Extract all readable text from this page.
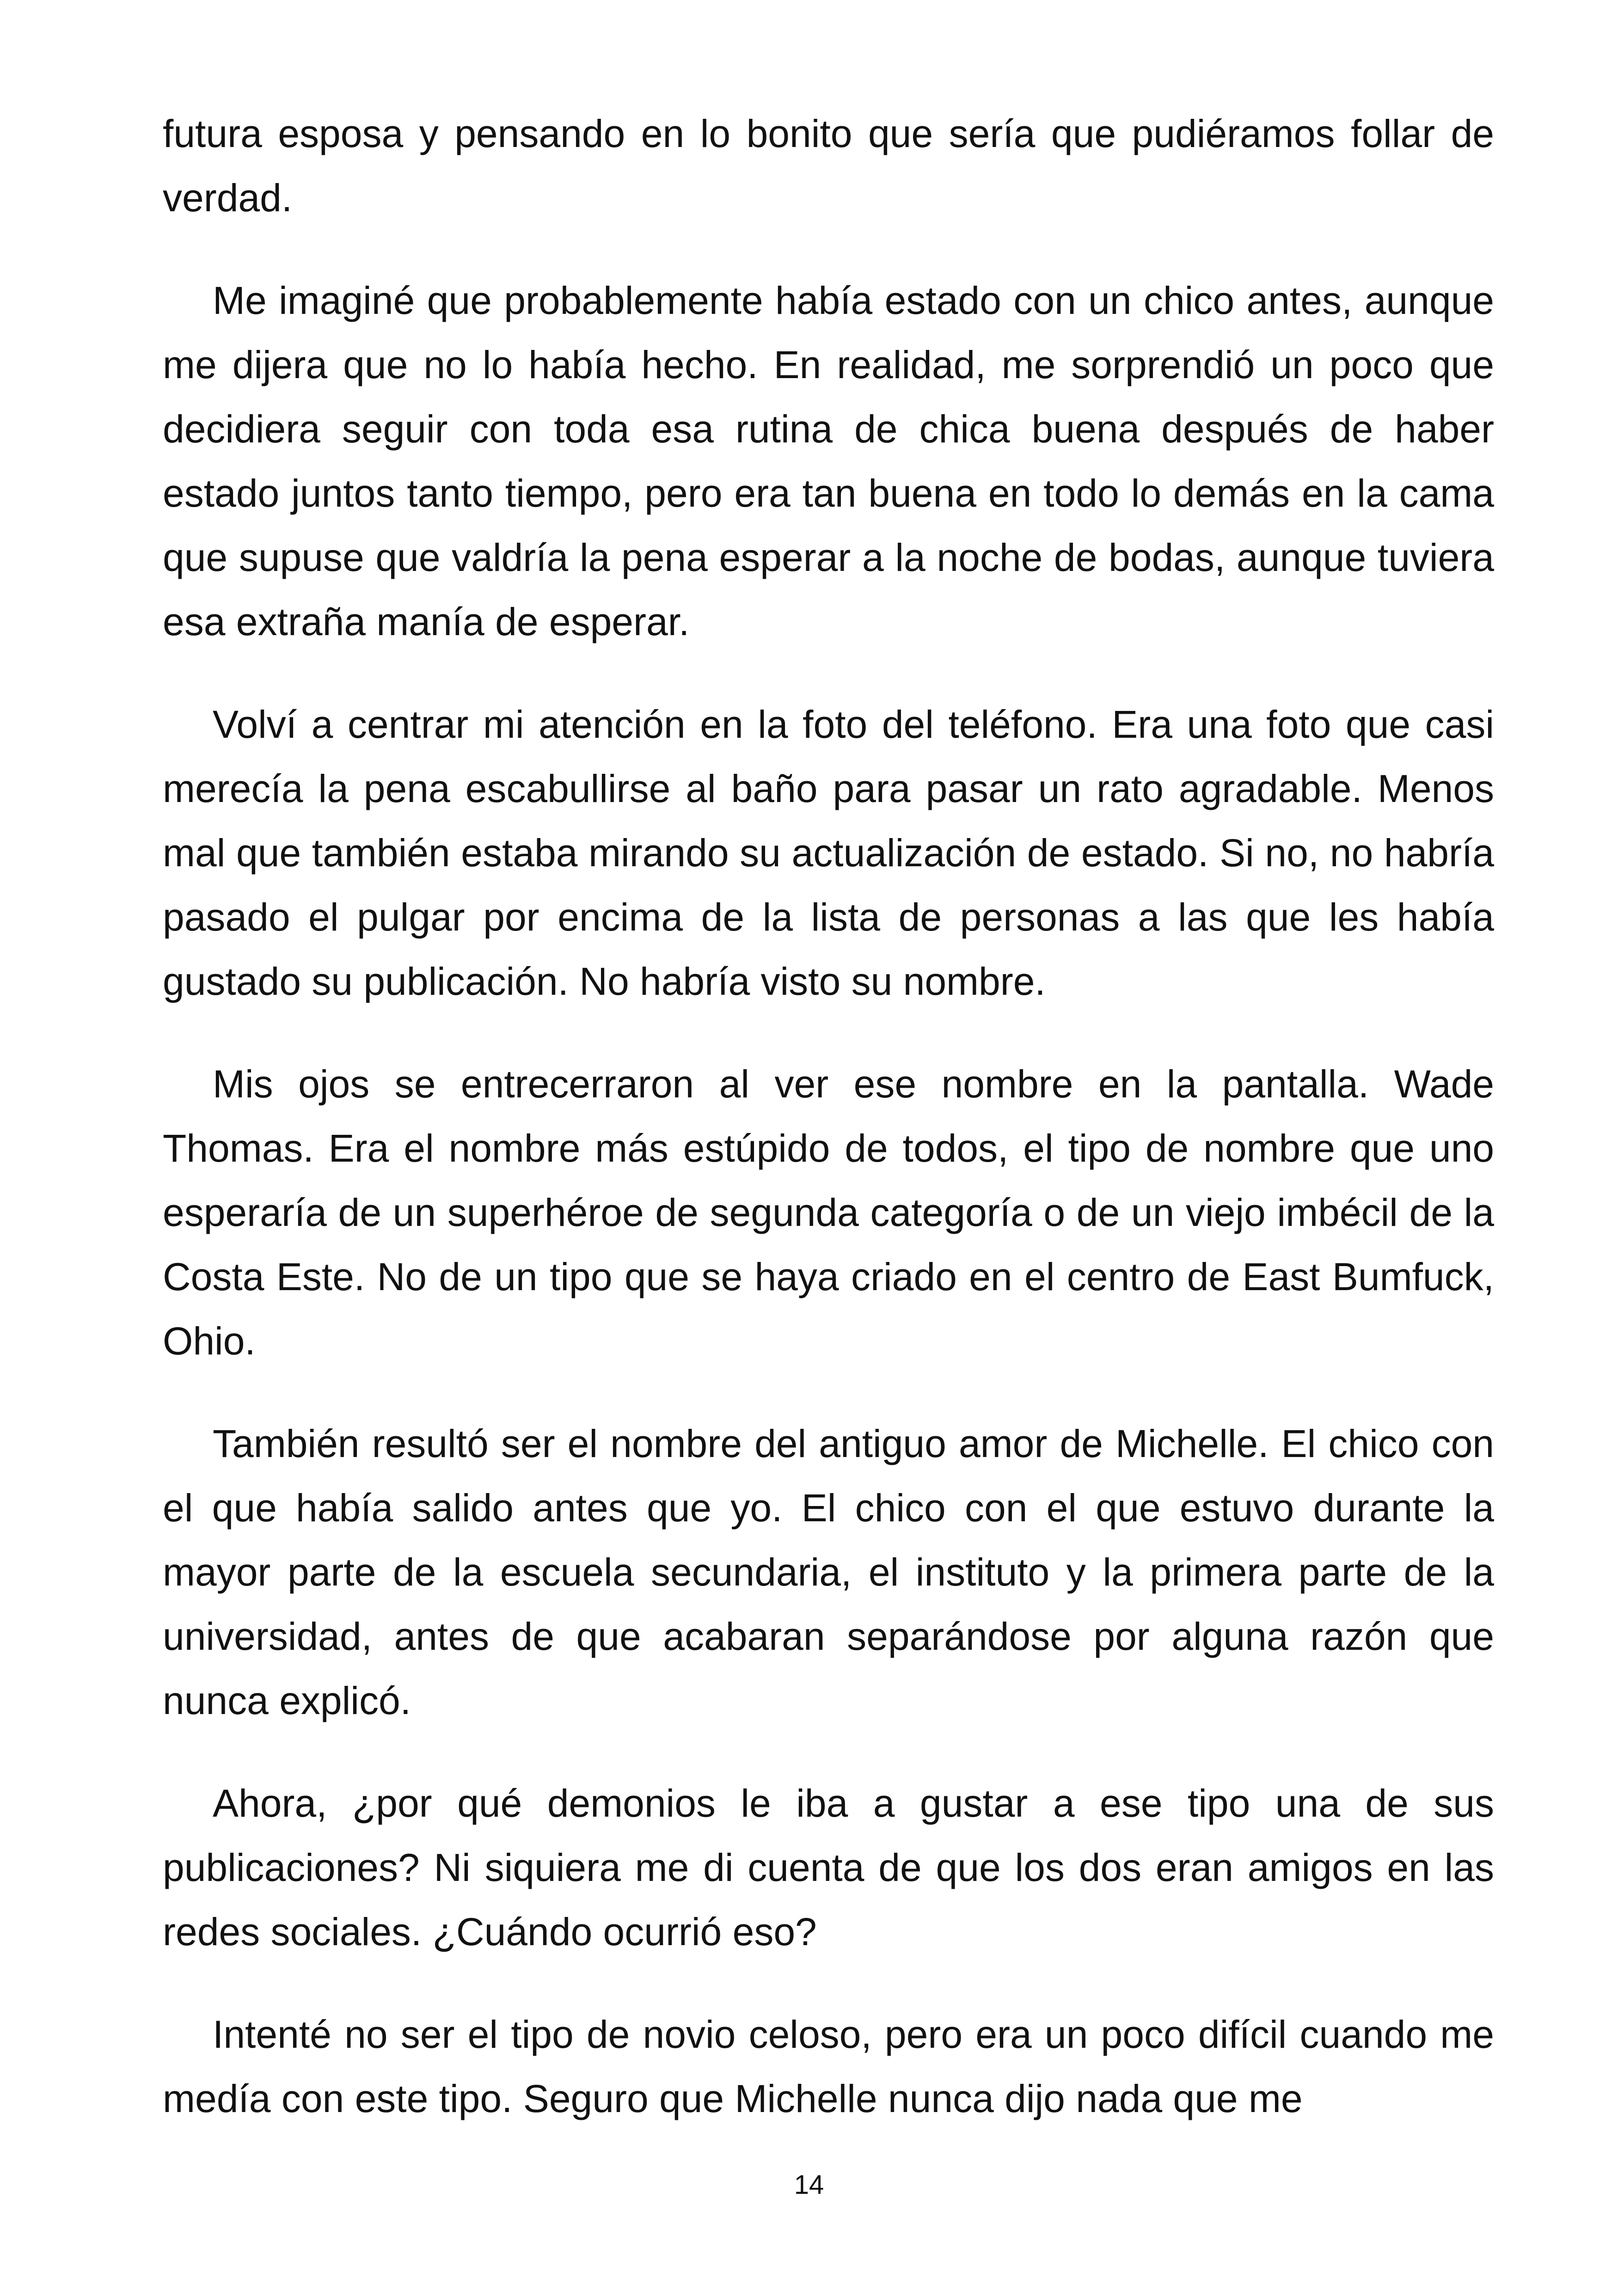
futura esposa y pensando en lo bonito que sería que pudiéramos follar de verdad.

Me imaginé que probablemente había estado con un chico antes, aunque me dijera que no lo había hecho. En realidad, me sorprendió un poco que decidiera seguir con toda esa rutina de chica buena después de haber estado juntos tanto tiempo, pero era tan buena en todo lo demás en la cama que supuse que valdría la pena esperar a la noche de bodas, aunque tuviera esa extraña manía de esperar.

Volví a centrar mi atención en la foto del teléfono. Era una foto que casi merecía la pena escabullirse al baño para pasar un rato agradable. Menos mal que también estaba mirando su actualización de estado. Si no, no habría pasado el pulgar por encima de la lista de personas a las que les había gustado su publicación. No habría visto su nombre.

Mis ojos se entrecerraron al ver ese nombre en la pantalla. Wade Thomas. Era el nombre más estúpido de todos, el tipo de nombre que uno esperaría de un superhéroe de segunda categoría o de un viejo imbécil de la Costa Este. No de un tipo que se haya criado en el centro de East Bumfuck, Ohio.

También resultó ser el nombre del antiguo amor de Michelle. El chico con el que había salido antes que yo. El chico con el que estuvo durante la mayor parte de la escuela secundaria, el instituto y la primera parte de la universidad, antes de que acabaran separándose por alguna razón que nunca explicó.

Ahora, ¿por qué demonios le iba a gustar a ese tipo una de sus publicaciones? Ni siquiera me di cuenta de que los dos eran amigos en las redes sociales. ¿Cuándo ocurrió eso?

Intenté no ser el tipo de novio celoso, pero era un poco difícil cuando me medía con este tipo. Seguro que Michelle nunca dijo nada que me

14
